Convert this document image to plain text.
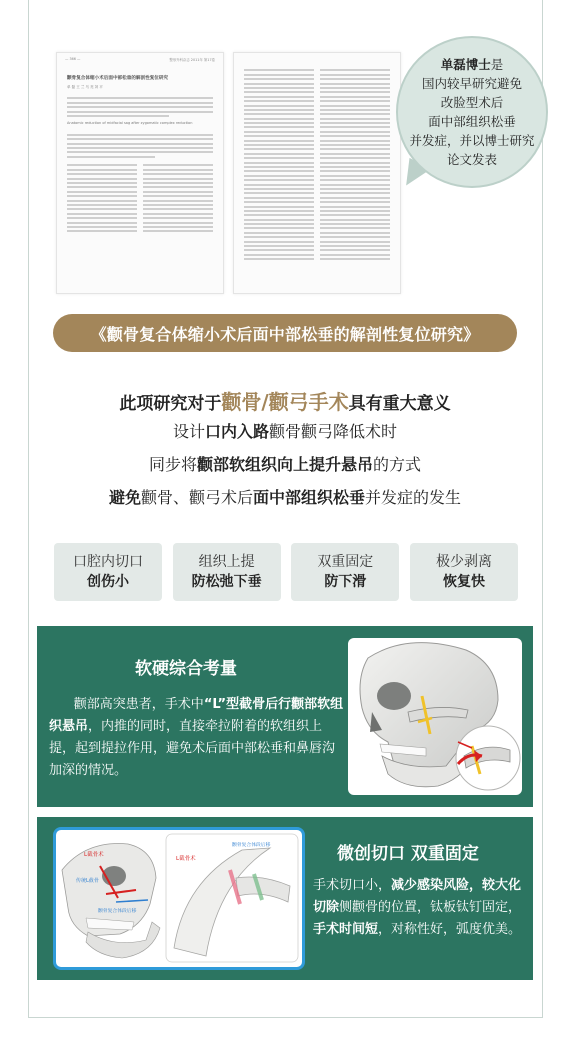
— 366 —	整形外科杂志 2011年 第17卷
颧骨复合体缩小术后面中部松垂的解剖性复位研究
单 磊 王 兰 马 亮 刘 平
Anatomic reduction of midfacial sag after zygomatic complex reduction
单磊博士是
国内较早研究避免
改脸型术后
面中部组织松垂
并发症，并以博士研究
论文发表
《颧骨复合体缩小术后面中部松垂的解剖性复位研究》
此项研究对于颧骨/颧弓手术具有重大意义
设计口内入路颧骨颧弓降低术时
同步将颧部软组织向上提升悬吊的方式
避免颧骨、颧弓术后面中部组织松垂并发症的发生
口腔内切口
创伤小
组织上提
防松弛下垂
双重固定
防下滑
极少剥离
恢复快
软硬综合考量
颧部高突患者，手术中“L”型截骨后行颧部软组织悬吊，内推的同时，直接牵拉附着的软组织上提，起到提拉作用，避免术后面中部松垂和鼻唇沟加深的情况。
L截骨术
传统L截骨
颧骨复合体段后移
L截骨术
颧骨复合体段后移	微创切口 双重固定
手术切口小，减少感染风险，较大化切除侧颧骨的位置，钛板钛钉固定，手术时间短，对称性好，弧度优美。
